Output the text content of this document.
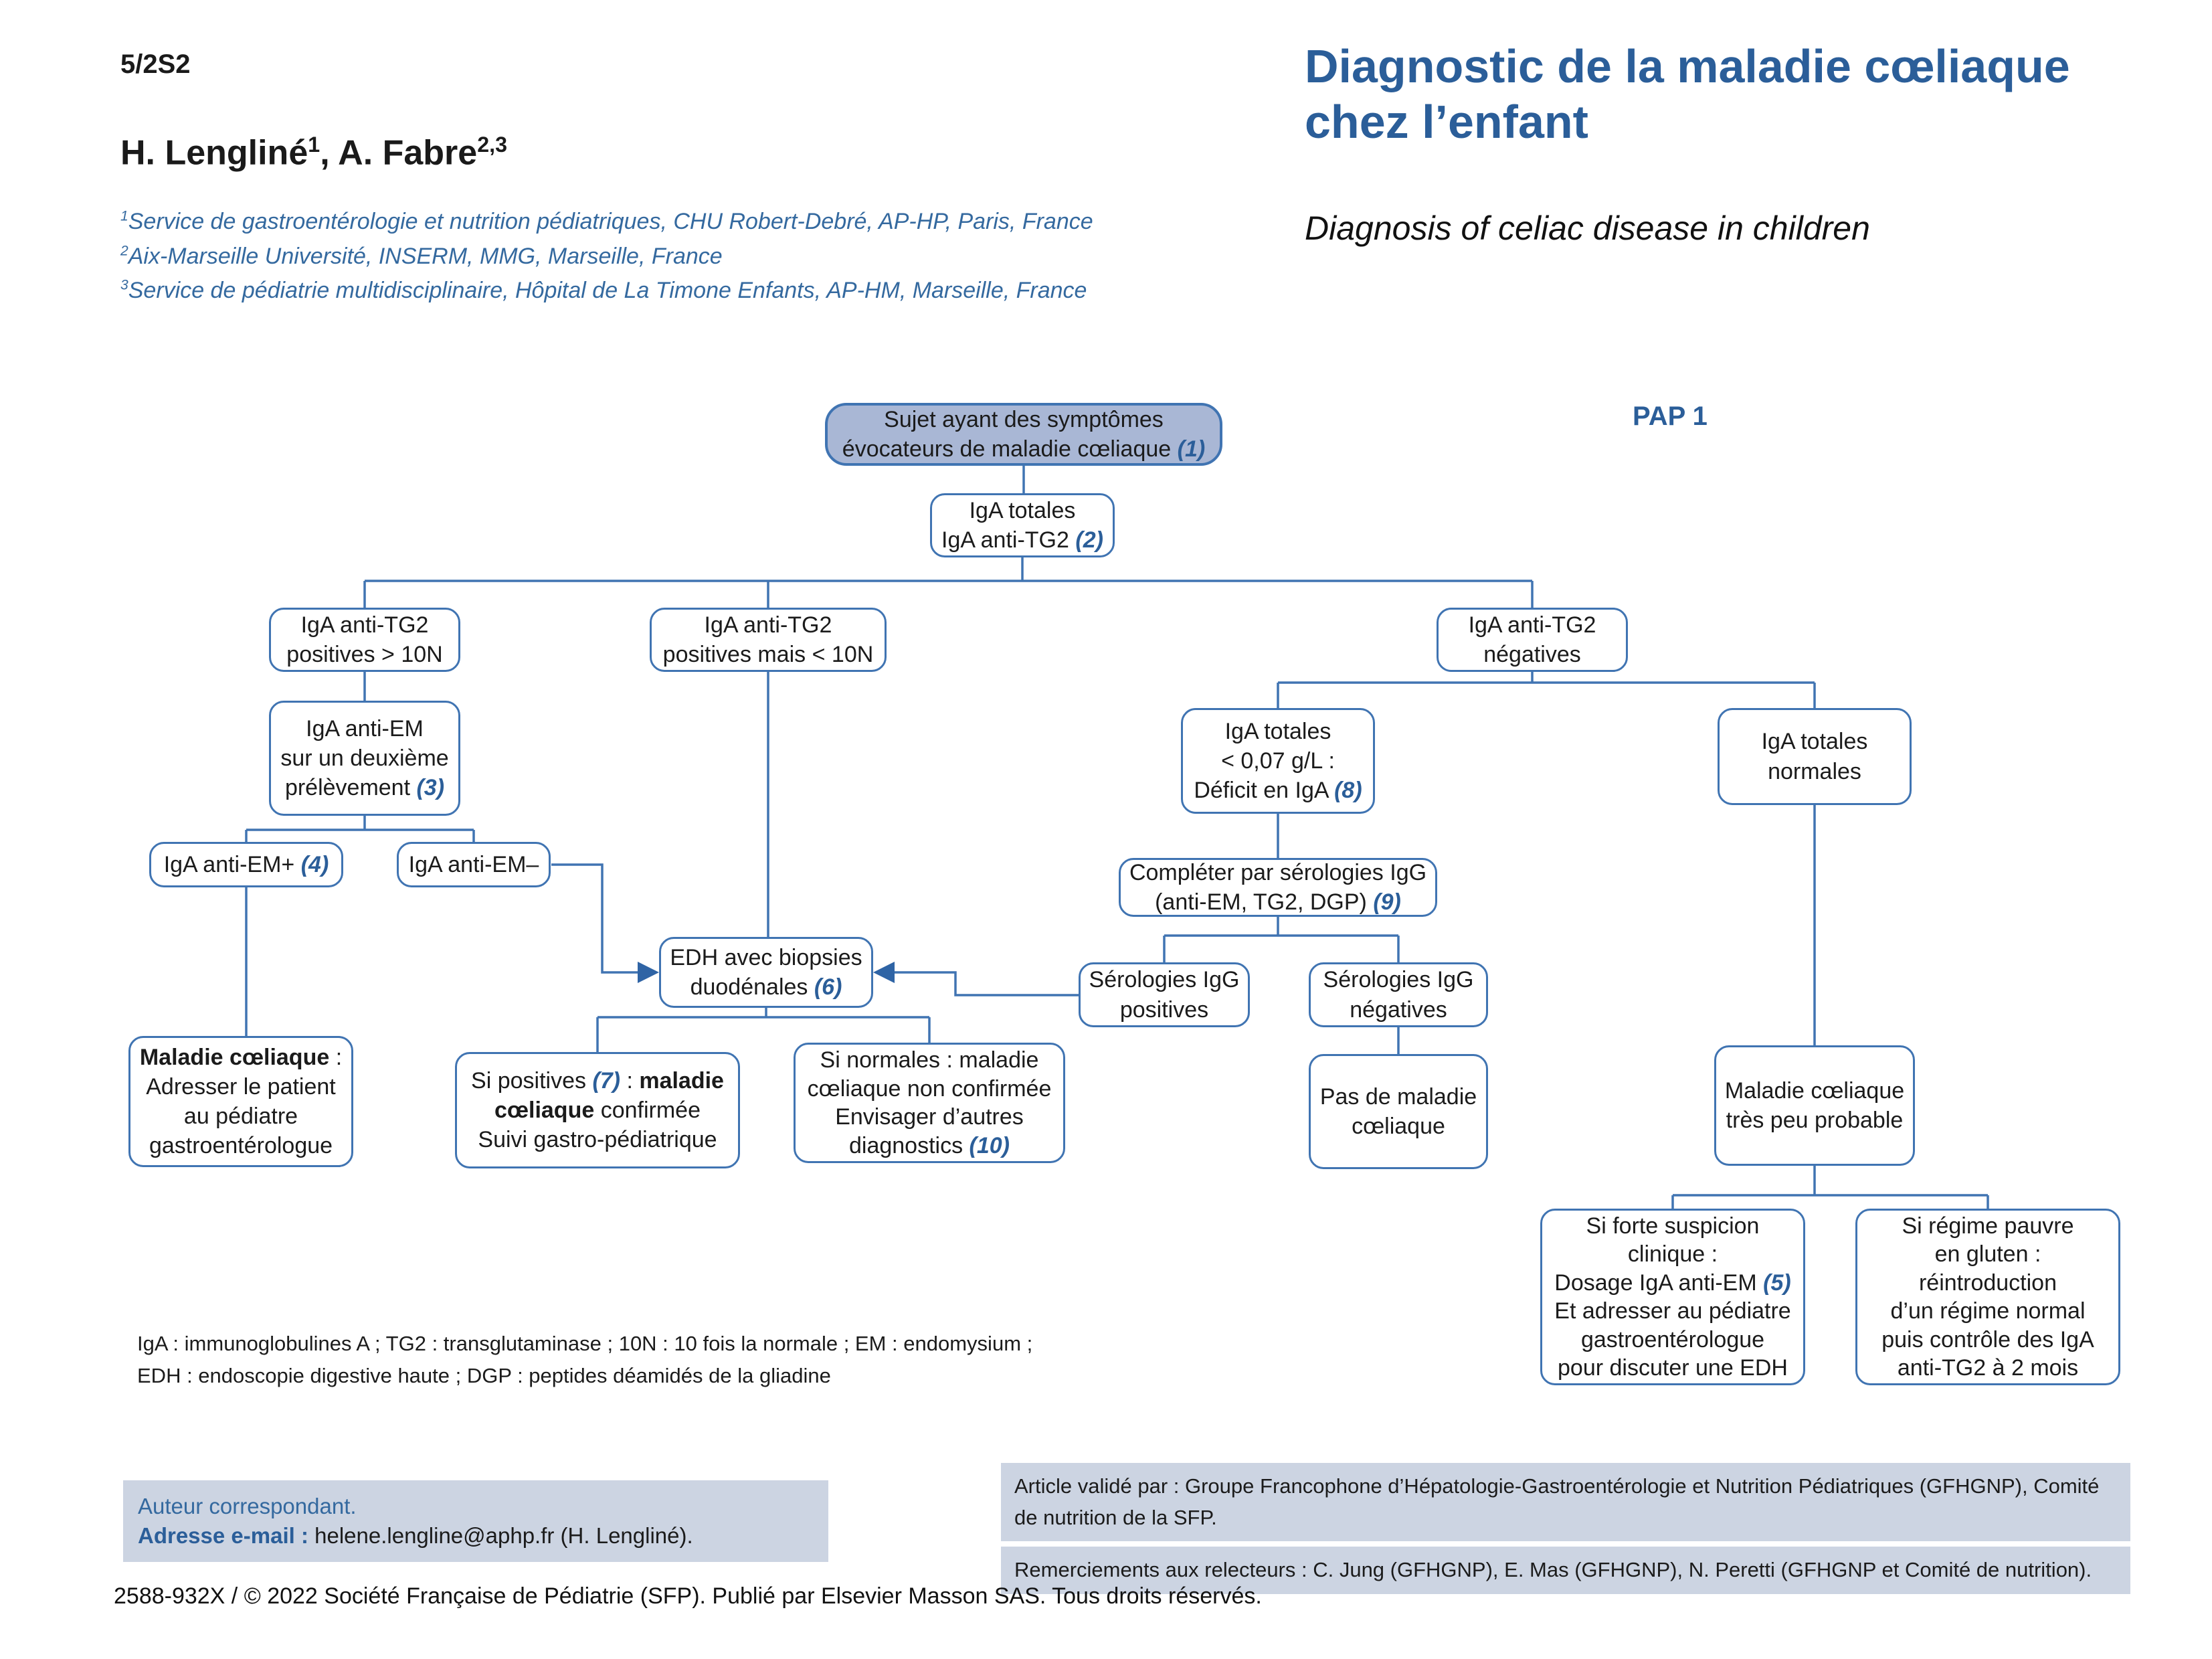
5/2S2
H. Lengliné$^1$, A. Fabre$^{2,3}$
$^1$Service de gastroentérologie et nutrition pédiatriques, CHU Robert-Debré, AP-HP, Paris, France
$^2$Aix-Marseille Université, INSERM, MMG, Marseille, France
$^3$Service de pédiatrie multidisciplinaire, Hôpital de La Timone Enfants, AP-HM, Marseille, France
Diagnostic de la maladie cœliaque
chez l’enfant
Diagnosis of celiac disease in children
PAP 1
Sujet ayant des symptômes
évocateurs de maladie cœliaque (1)
IgA totales
IgA anti-TG2 (2)
IgA anti-TG2
positives > 10N
IgA anti-TG2
positives mais < 10N
IgA anti-TG2
négatives
IgA anti-EM
sur un deuxième
prélèvement (3)
IgA anti-EM+ (4)	IgA anti-EM–
EDH avec biopsies
duodénales (6)
IgA totales
< 0,07 g/L :
Déficit en IgA (8)
IgA totales
normales
Compléter par sérologies IgG
(anti-EM, TG2, DGP) (9)
Sérologies IgG
positives
Sérologies IgG
négatives
Maladie cœliaque :
Adresser le patient
au pédiatre
gastroentérologue
Si positives (7) : maladie
cœliaque confirmée
Suivi gastro-pédiatrique
Si normales : maladie
cœliaque non confirmée
Envisager d’autres
diagnostics (10)
Pas de maladie
cœliaque
Maladie cœliaque
très peu probable
Si forte suspicion
clinique :
Dosage IgA anti-EM (5)
Et adresser au pédiatre
gastroentérologue
pour discuter une EDH
Si régime pauvre
en gluten :
réintroduction
d’un régime normal
puis contrôle des IgA
anti-TG2 à 2 mois
IgA : immunoglobulines A ; TG2 : transglutaminase ; 10N : 10 fois la normale ; EM : endomysium ;
EDH : endoscopie digestive haute ; DGP : peptides déamidés de la gliadine
Auteur correspondant.
Adresse e-mail : helene.lengline@aphp.fr (H. Lengliné).
Article validé par : Groupe Francophone d’Hépatologie-Gastroentérologie et Nutrition Pédiatriques (GFHGNP), Comité de nutrition de la SFP.
Remerciements aux relecteurs : C. Jung (GFHGNP), E. Mas (GFHGNP), N. Peretti (GFHGNP et Comité de nutrition).
2588-932X / © 2022 Société Française de Pédiatrie (SFP). Publié par Elsevier Masson SAS. Tous droits réservés.
